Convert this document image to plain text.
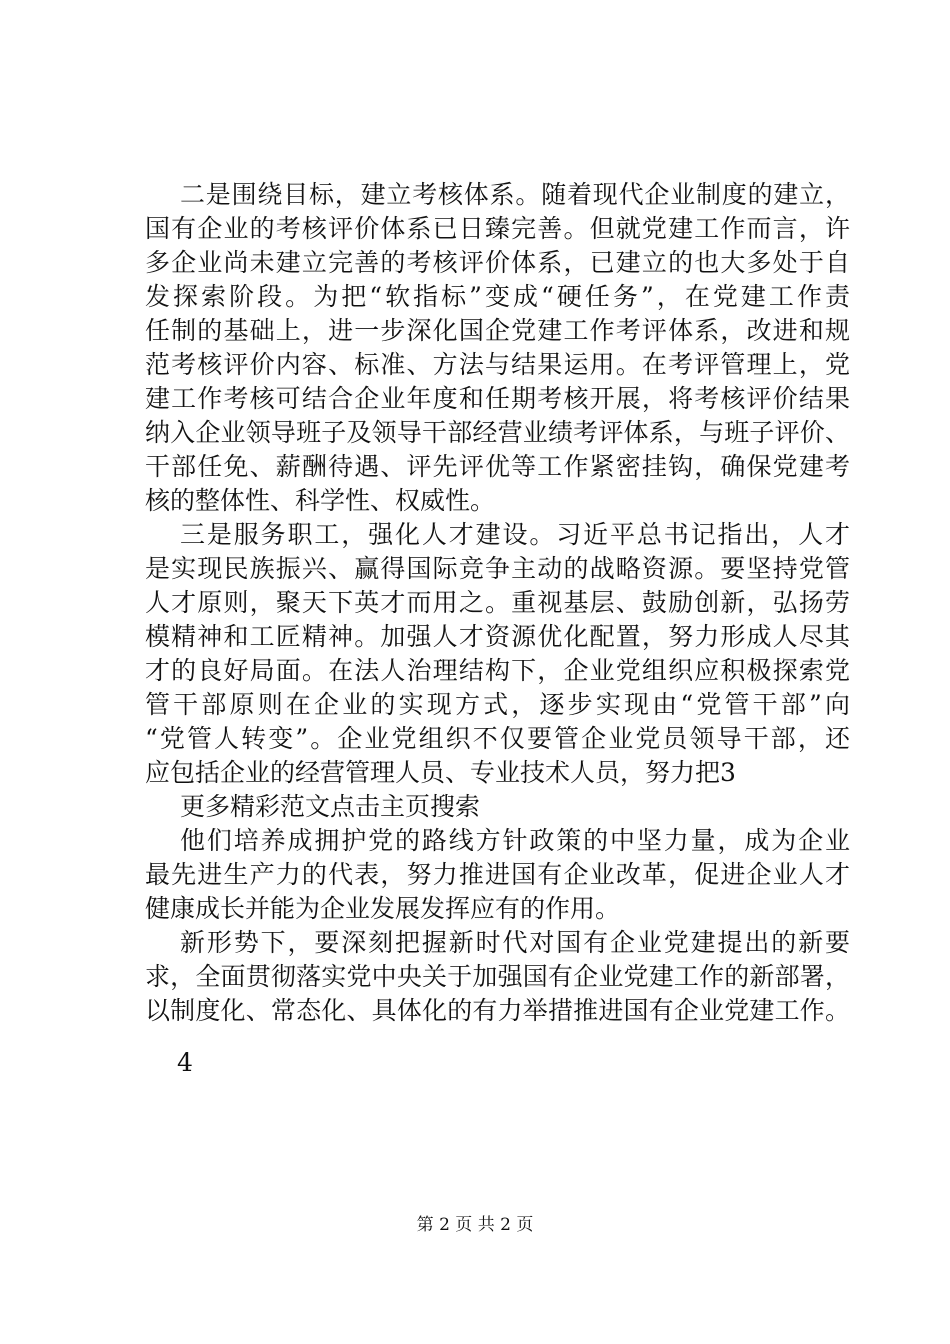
二是围绕目标，建立考核体系。随着现代企业制度的建立，
国有企业的考核评价体系已日臻完善。但就党建工作而言，许
多企业尚未建立完善的考核评价体系，已建立的也大多处于自
发探索阶段。为把“软指标”变成“硬任务”，在党建工作责
任制的基础上，进一步深化国企党建工作考评体系，改进和规
范考核评价内容、标准、方法与结果运用。在考评管理上，党
建工作考核可结合企业年度和任期考核开展，将考核评价结果
纳入企业领导班子及领导干部经营业绩考评体系，与班子评价、
干部任免、薪酬待遇、评先评优等工作紧密挂钩，确保党建考
核的整体性、科学性、权威性。
三是服务职工，强化人才建设。习近平总书记指出，人才
是实现民族振兴、赢得国际竞争主动的战略资源。要坚持党管
人才原则，聚天下英才而用之。重视基层、鼓励创新，弘扬劳
模精神和工匠精神。加强人才资源优化配置，努力形成人尽其
才的良好局面。在法人治理结构下，企业党组织应积极探索党
管干部原则在企业的实现方式，逐步实现由“党管干部”向
“党管人转变”。企业党组织不仅要管企业党员领导干部，还
应包括企业的经营管理人员、专业技术人员，努力把3
更多精彩范文点击主页搜索
他们培养成拥护党的路线方针政策的中坚力量，成为企业
最先进生产力的代表，努力推进国有企业改革，促进企业人才
健康成长并能为企业发展发挥应有的作用。
新形势下，要深刻把握新时代对国有企业党建提出的新要
求，全面贯彻落实党中央关于加强国有企业党建工作的新部署，
以制度化、常态化、具体化的有力举措推进国有企业党建工作。
4
第 2 页 共 2 页
